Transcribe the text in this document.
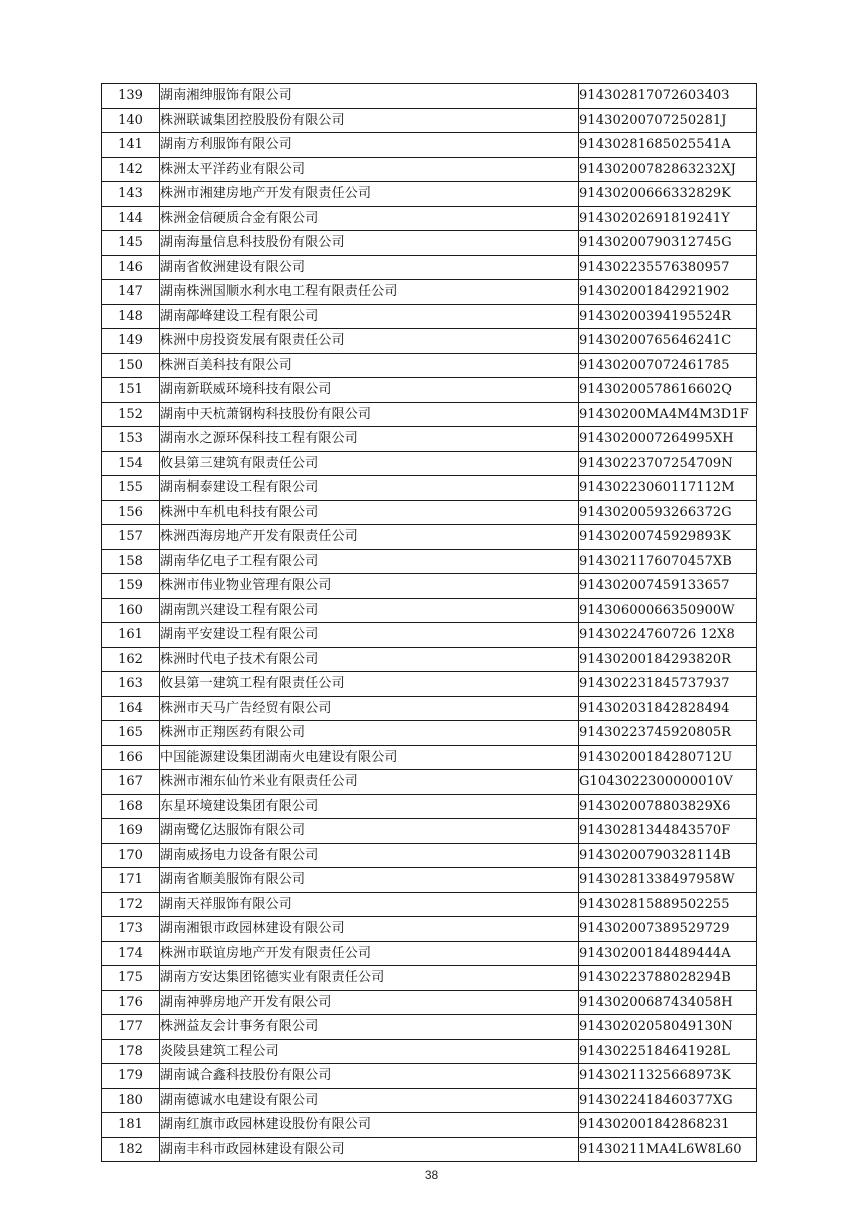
139	湖南湘绅服饰有限公司	91430281707260340З
140	株洲联诚集团控股股份有限公司	91430200707250281J
141	湖南方利服饰有限公司	91430281685025541A
142	株洲太平洋药业有限公司	91430200782863232XJ
143	株洲市湘建房地产开发有限责任公司	91430200666332829K
144	株洲金信硬质合金有限公司	91430202691819241Y
145	湖南海量信息科技股份有限公司	91430200790312745G
146	湖南省攸洲建设有限公司	914302235576380957
147	湖南株洲国顺水利水电工程有限责任公司	914302001842921902
148	湖南鄗峰建设工程有限公司	91430200394195524R
149	株洲中房投资发展有限责任公司	91430200765646241C
150	株洲百美科技有限公司	914302007072461785
151	湖南新联威环境科技有限公司	91430200578616602Q
152	湖南中天杭萧钢构科技股份有限公司	91430200MA4M4M3D1F
153	湖南水之源环保科技工程有限公司	9143020007264995XH
154	攸县第三建筑有限责任公司	91430223707254709N
155	湖南桐泰建设工程有限公司	91430223060117112M
156	株洲中车机电科技有限公司	91430200593266372G
157	株洲西海房地产开发有限责任公司	91430200745929893K
158	湖南华亿电子工程有限公司	9143021176070457XB
159	株洲市伟业物业管理有限公司	914302007459133657
160	湖南凯兴建设工程有限公司	91430600066350900W
161	湖南平安建设工程有限公司	91430224760726 12X8
162	株洲时代电子技术有限公司	91430200184293820R
163	攸县第一建筑工程有限责任公司	914302231845737937
164	株洲市天马广告经贸有限公司	914302031842828494
165	株洲市正翔医药有限公司	91430223745920805R
166	中国能源建设集团湖南火电建设有限公司	91430200184280712U
167	株洲市湘东仙竹米业有限责任公司	G1043022300000010V
168	东星环境建设集团有限公司	9143020078803829X6
169	湖南鹭亿达服饰有限公司	91430281344843570F
170	湖南威扬电力设备有限公司	91430200790328114B
171	湖南省顺美服饰有限公司	91430281338497958W
172	湖南天祥服饰有限公司	914302815889502255
173	湖南湘银市政园林建设有限公司	914302007389529729
174	株洲市联谊房地产开发有限责任公司	91430200184489444A
175	湖南方安达集团铭德实业有限责任公司	91430223788028294B
176	湖南神骅房地产开发有限公司	91430200687434058H
177	株洲益友会计事务有限公司	91430202058049130N
178	炎陵县建筑工程公司	91430225184641928L
179	湖南诚合鑫科技股份有限公司	91430211325668973K
180	湖南德诚水电建设有限公司	9143022418460377XG
181	湖南红旗市政园林建设股份有限公司	914302001842868231
182	湖南丰科市政园林建设有限公司	91430211MA4L6W8L60
38
